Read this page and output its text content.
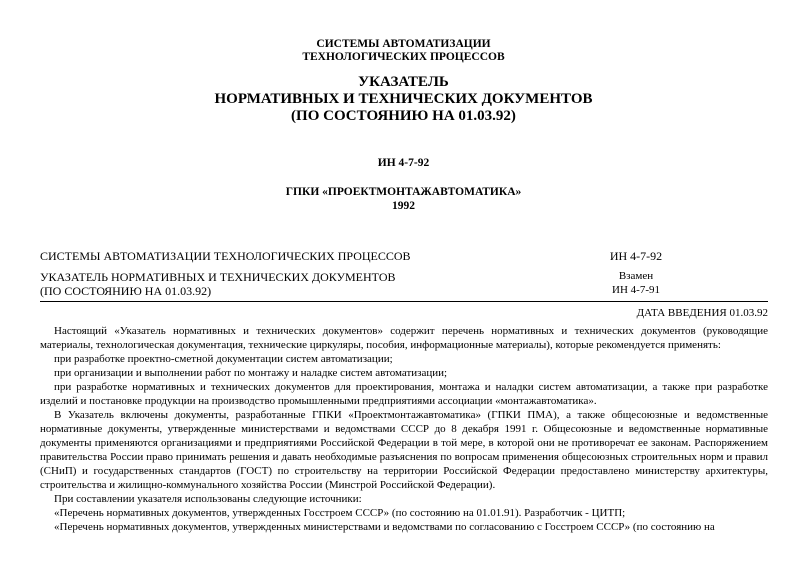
СИСТЕМЫ АВТОМАТИЗАЦИИ
ТЕХНОЛОГИЧЕСКИХ ПРОЦЕССОВ
УКАЗАТЕЛЬ
НОРМАТИВНЫХ И ТЕХНИЧЕСКИХ ДОКУМЕНТОВ
(ПО СОСТОЯНИЮ НА 01.03.92)
ИН 4-7-92
ГПКИ «ПРОЕКТМОНТАЖАВТОМАТИКА»
1992
СИСТЕМЫ АВТОМАТИЗАЦИИ ТЕХНОЛОГИЧЕСКИХ ПРОЦЕССОВ
УКАЗАТЕЛЬ НОРМАТИВНЫХ И ТЕХНИЧЕСКИХ ДОКУМЕНТОВ
(ПО СОСТОЯНИЮ НА 01.03.92)
ИН 4-7-92
Взамен
ИН 4-7-91
ДАТА ВВЕДЕНИЯ 01.03.92

Настоящий «Указатель нормативных и технических документов» содержит перечень нормативных и технических документов (руководящие материалы, технологическая документация, технические циркуляры, пособия, информационные материалы), которые рекомендуется применять:

при разработке проектно-сметной документации систем автоматизации;

при организации и выполнении работ по монтажу и наладке систем автоматизации;

при разработке нормативных и технических документов для проектирования, монтажа и наладки систем автоматизации, а также при разработке изделий и постановке продукции на производство промышленными предприятиями ассоциации «монтажавтоматика».

В Указатель включены документы, разработанные ГПКИ «Проектмонтажавтоматика» (ГПКИ ПМА), а также общесоюзные и ведомственные нормативные документы, утвержденные министерствами и ведомствами СССР до 8 декабря 1991 г. Общесоюзные и ведомственные нормативные документы применяются организациями и предприятиями Российской Федерации в той мере, в которой они не противоречат ее законам. Распоряжением правительства России право принимать решения и давать необходимые разъяснения по вопросам применения общесоюзных строительных норм и правил (СНиП) и государственных стандартов (ГОСТ) по строительству на территории Российской Федерации предоставлено министерству архитектуры, строительства и жилищно-коммунального хозяйства России (Минстрой Российской Федерации).

При составлении указателя использованы следующие источники:

«Перечень нормативных документов, утвержденных Госстроем СССР» (по состоянию на 01.01.91). Разработчик - ЦИТП;

«Перечень нормативных документов, утвержденных министерствами и ведомствами по согласованию с Госстроем СССР» (по состоянию на
